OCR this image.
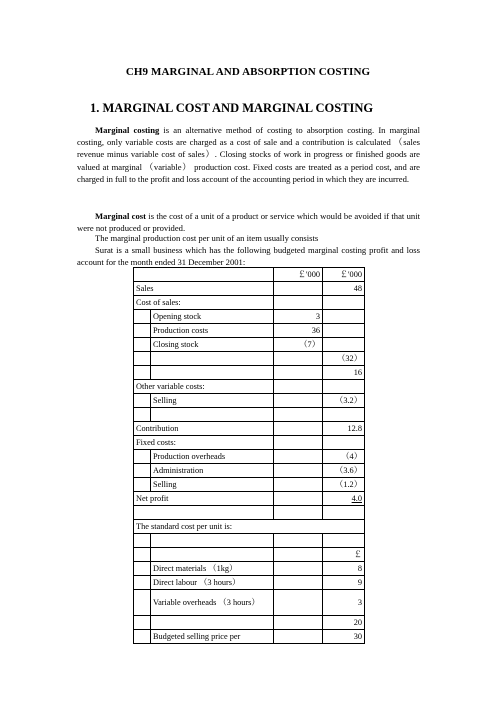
CH9 MARGINAL AND ABSORPTION COSTING
1. MARGINAL COST AND MARGINAL COSTING
Marginal costing is an alternative method of costing to absorption costing. In marginal costing, only variable costs are charged as a cost of sale and a contribution is calculated （sales revenue minus variable cost of sales）. Closing stocks of work in progress or finished goods are valued at marginal （variable） production cost. Fixed costs are treated as a period cost, and are charged in full to the profit and loss account of the accounting period in which they are incurred.
Marginal cost is the cost of a unit of a product or service which would be avoided if that unit were not produced or provided.
The marginal production cost per unit of an item usually consists
Surat is a small business which has the following budgeted marginal costing profit and loss account for the month ended 31 December 2001:
		￡'000	￡'000
Sales			48
Cost of sales:			
	Opening stock	3	
	Production costs	36	
	Closing stock	（7）	
			（32）
			16
Other variable costs:			
	Selling		（3.2）

Contribution			12.8
Fixed costs:			
	Production overheads		（4）
	Administration		（3.6）
	Selling		（1.2）
Net profit			4.0

The standard cost per unit is:			

			￡
	Direct materials （1kg）		8
	Direct labour （3 hours）		9
	Variable overheads （3 hours）		3
			20
	Budgeted selling price per		30
